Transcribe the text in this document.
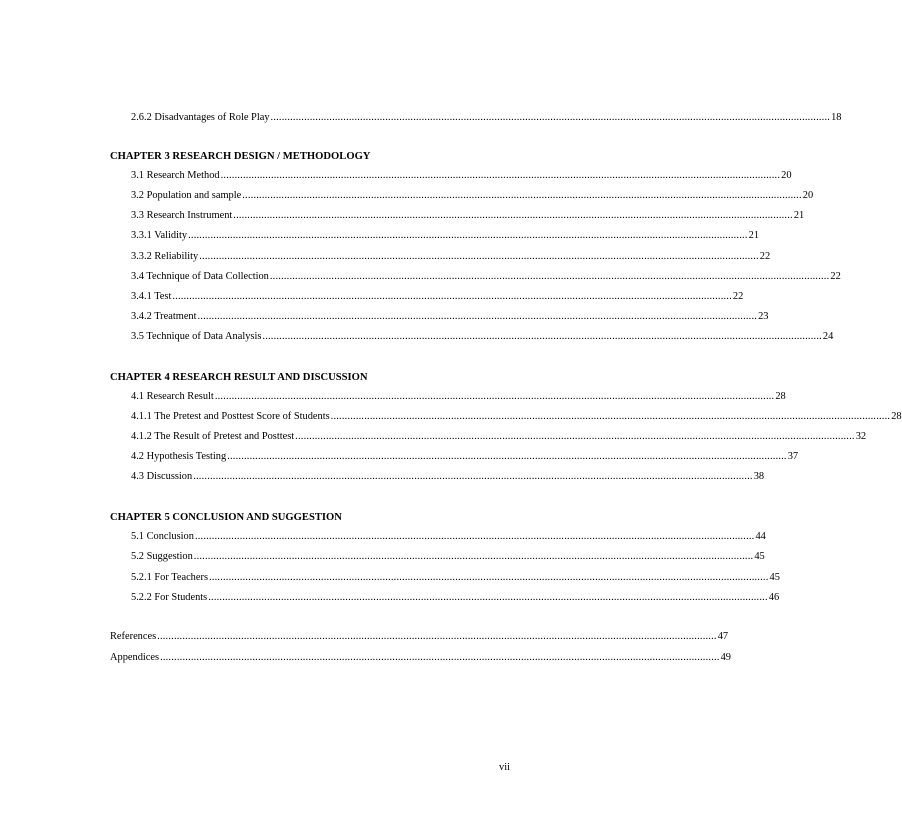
2.6.2 Disadvantages of Role Play ........................................................................................................................................................................................................ 18
CHAPTER 3 RESEARCH DESIGN / METHODOLOGY
3.1 Research Method ........................................................................................................................................................................................................ 20
3.2 Population and sample ........................................................................................................................................................................................................ 20
3.3 Research Instrument ........................................................................................................................................................................................................ 21
3.3.1 Validity ........................................................................................................................................................................................................ 21
3.3.2 Reliability ........................................................................................................................................................................................................ 22
3.4 Technique of Data Collection ........................................................................................................................................................................................................ 22
3.4.1 Test ........................................................................................................................................................................................................ 22
3.4.2 Treatment ........................................................................................................................................................................................................ 23
3.5 Technique of Data Analysis ........................................................................................................................................................................................................ 24
CHAPTER 4 RESEARCH RESULT AND DISCUSSION
4.1 Research Result ........................................................................................................................................................................................................ 28
4.1.1 The Pretest and Posttest Score of Students ........................................................................................................................................................................................................ 28
4.1.2 The Result of Pretest and Posttest ........................................................................................................................................................................................................ 32
4.2 Hypothesis Testing ........................................................................................................................................................................................................ 37
4.3 Discussion ........................................................................................................................................................................................................ 38
CHAPTER 5 CONCLUSION AND SUGGESTION
5.1 Conclusion ........................................................................................................................................................................................................ 44
5.2 Suggestion ........................................................................................................................................................................................................ 45
5.2.1 For Teachers ........................................................................................................................................................................................................ 45
5.2.2 For Students ........................................................................................................................................................................................................ 46
References ........................................................................................................................................................................................................ 47
Appendices ........................................................................................................................................................................................................ 49
vii
